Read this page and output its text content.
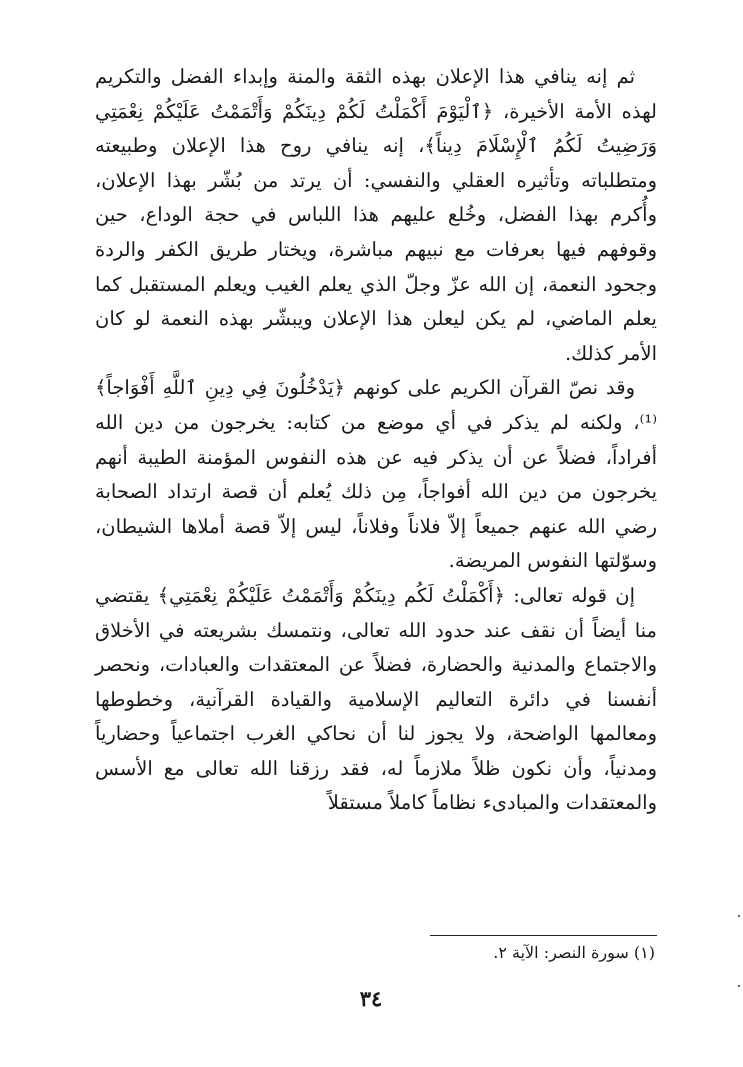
ثم إنه ينافي هذا الإعلان بهذه الثقة والمنة وإبداء الفضل والتكريم لهذه الأمة الأخيرة، ﴿ٱلْيَوْمَ أَكْمَلْتُ لَكُمْ دِينَكُمْ وَأَتْمَمْتُ عَلَيْكُمْ نِعْمَتِي وَرَضِيتُ لَكُمُ ٱلْإِسْلَامَ دِيناً﴾، إنه ينافي روح هذا الإعلان وطبيعته ومتطلباته وتأثيره العقلي والنفسي: أن يرتد من بُشّر بهذا الإعلان، وأُكرم بهذا الفضل، وخُلع عليهم هذا اللباس في حجة الوداع، حين وقوفهم فيها بعرفات مع نبيهم مباشرة، ويختار طريق الكفر والردة وجحود النعمة، إن الله عزّ وجلّ الذي يعلم الغيب ويعلم المستقبل كما يعلم الماضي، لم يكن ليعلن هذا الإعلان ويبشّر بهذه النعمة لو كان الأمر كذلك.

وقد نصّ القرآن الكريم على كونهم ﴿يَدْخُلُونَ فِي دِينِ ٱللَّهِ أَفْوَاجاً﴾⁽¹⁾، ولكنه لم يذكر في أي موضع من كتابه: يخرجون من دين الله أفراداً، فضلاً عن أن يذكر فيه عن هذه النفوس المؤمنة الطيبة أنهم يخرجون من دين الله أفواجاً، مِن ذلك يُعلم أن قصة ارتداد الصحابة رضي الله عنهم جميعاً إلاّ فلاناً وفلاناً، ليس إلاّ قصة أملاها الشيطان، وسوّلتها النفوس المريضة.

إن قوله تعالى: ﴿أَكْمَلْتُ لَكُم دِينَكُمْ وَأَتْمَمْتُ عَلَيْكُمْ نِعْمَتِي﴾ يقتضي منا أيضاً أن نقف عند حدود الله تعالى، ونتمسك بشريعته في الأخلاق والاجتماع والمدنية والحضارة، فضلاً عن المعتقدات والعبادات، ونحصر أنفسنا في دائرة التعاليم الإسلامية والقيادة القرآنية، وخطوطها ومعالمها الواضحة، ولا يجوز لنا أن نحاكي الغرب اجتماعياً وحضارياً ومدنياً، وأن نكون ظلاً ملازماً له، فقد رزقنا الله تعالى مع الأسس والمعتقدات والمبادىء نظاماً كاملاً مستقلاً

(١) سورة النصر: الآية ٢.
٣٤
